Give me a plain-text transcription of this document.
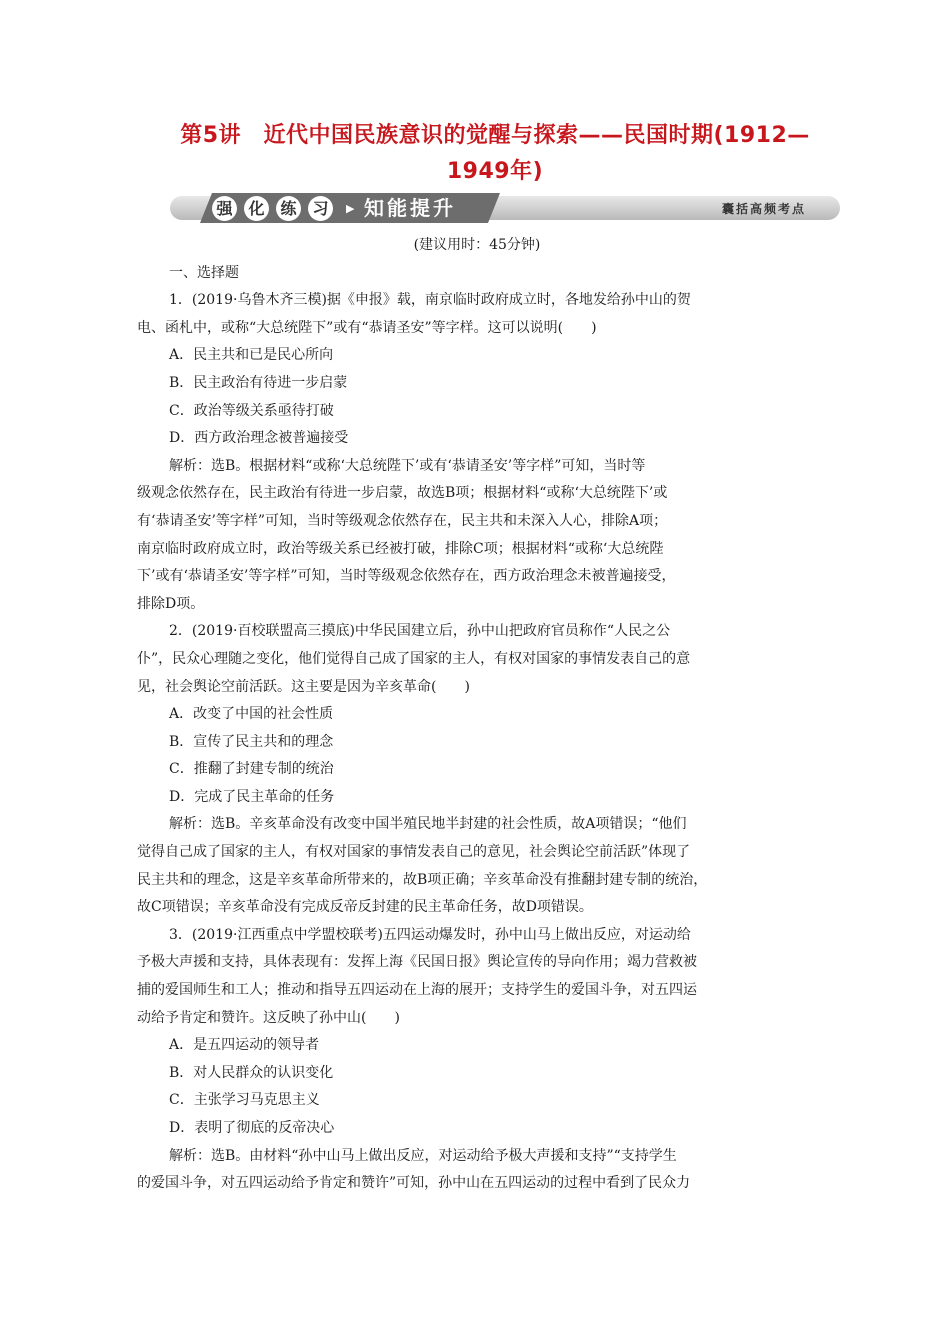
第5讲　近代中国民族意识的觉醒与探索——民国时期(1912—
1949年)
强 化 练 习	▶ 知能提升	囊括高频考点
(建议用时：45分钟)
一、选择题
1．(2019·乌鲁木齐三模)据《申报》载，南京临时政府成立时，各地发给孙中山的贺
电、函札中，或称“大总统陛下”或有“恭请圣安”等字样。这可以说明(　　)
A．民主共和已是民心所向
B．民主政治有待进一步启蒙
C．政治等级关系亟待打破
D．西方政治理念被普遍接受
解析：选B。根据材料“或称‘大总统陛下’或有‘恭请圣安’等字样”可知，当时等
级观念依然存在，民主政治有待进一步启蒙，故选B项；根据材料“或称‘大总统陛下’或
有‘恭请圣安’等字样”可知，当时等级观念依然存在，民主共和未深入人心，排除A项；
南京临时政府成立时，政治等级关系已经被打破，排除C项；根据材料“或称‘大总统陛
下’或有‘恭请圣安’等字样”可知，当时等级观念依然存在，西方政治理念未被普遍接受，
排除D项。
2．(2019·百校联盟高三摸底)中华民国建立后，孙中山把政府官员称作“人民之公
仆”，民众心理随之变化，他们觉得自己成了国家的主人，有权对国家的事情发表自己的意
见，社会舆论空前活跃。这主要是因为辛亥革命(　　)
A．改变了中国的社会性质
B．宣传了民主共和的理念
C．推翻了封建专制的统治
D．完成了民主革命的任务
解析：选B。辛亥革命没有改变中国半殖民地半封建的社会性质，故A项错误；“他们
觉得自己成了国家的主人，有权对国家的事情发表自己的意见，社会舆论空前活跃”体现了
民主共和的理念，这是辛亥革命所带来的，故B项正确；辛亥革命没有推翻封建专制的统治，
故C项错误；辛亥革命没有完成反帝反封建的民主革命任务，故D项错误。
3．(2019·江西重点中学盟校联考)五四运动爆发时，孙中山马上做出反应，对运动给
予极大声援和支持，具体表现有：发挥上海《民国日报》舆论宣传的导向作用；竭力营救被
捕的爱国师生和工人；推动和指导五四运动在上海的展开；支持学生的爱国斗争，对五四运
动给予肯定和赞许。这反映了孙中山(　　)
A．是五四运动的领导者
B．对人民群众的认识变化
C．主张学习马克思主义
D．表明了彻底的反帝决心
解析：选B。由材料“孙中山马上做出反应，对运动给予极大声援和支持”“支持学生
的爱国斗争，对五四运动给予肯定和赞许”可知，孙中山在五四运动的过程中看到了民众力
